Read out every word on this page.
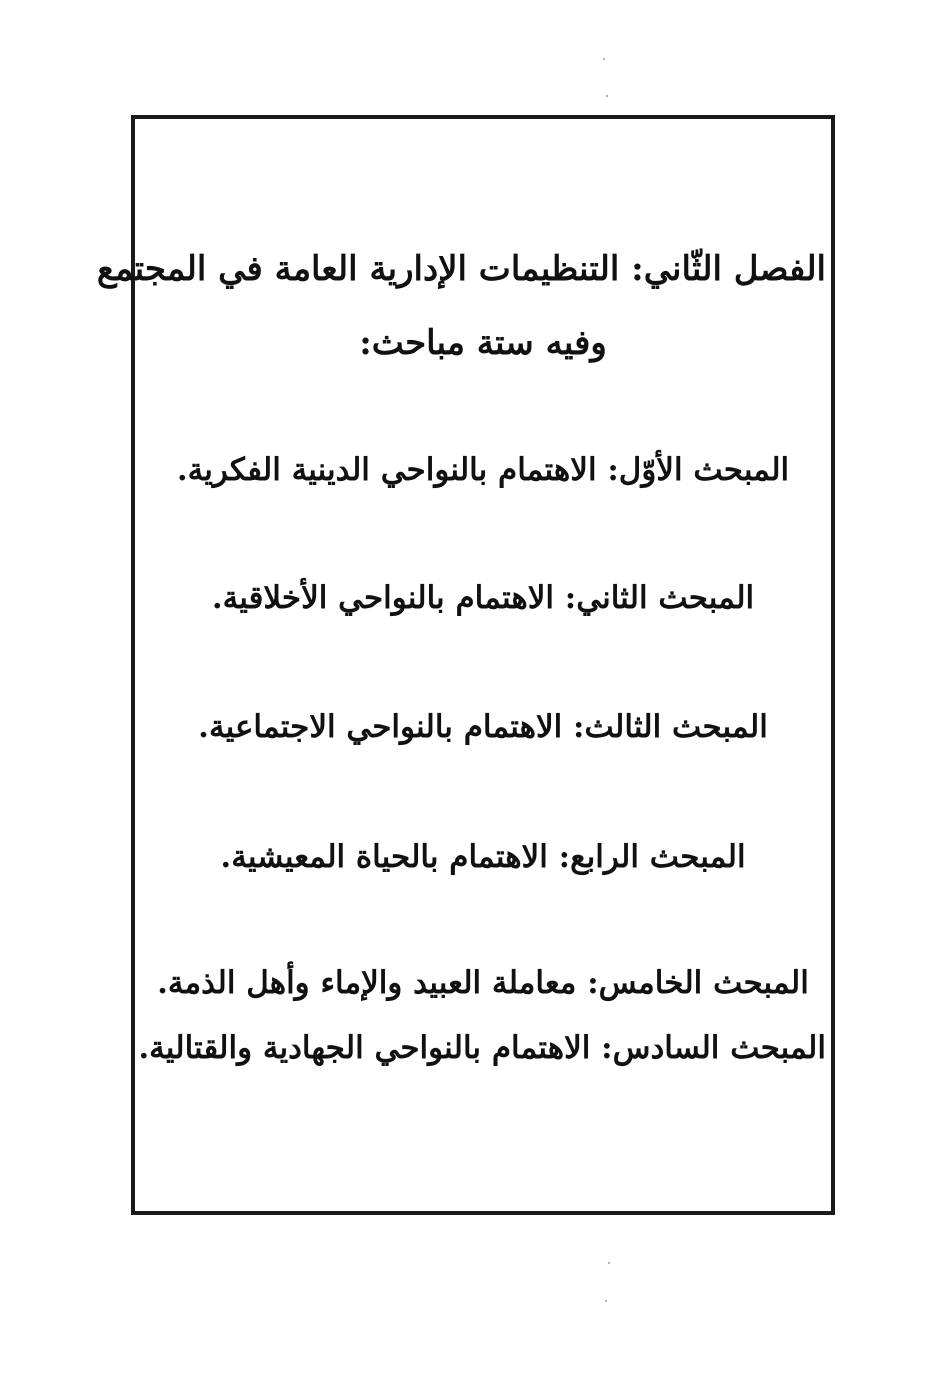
الفصل الثّاني: التنظيمات الإدارية العامة في المجتمع
وفيه ستة مباحث:
المبحث الأوّل: الاهتمام بالنواحي الدينية الفكرية.
المبحث الثاني: الاهتمام بالنواحي الأخلاقية.
المبحث الثالث: الاهتمام بالنواحي الاجتماعية.
المبحث الرابع: الاهتمام بالحياة المعيشية.
المبحث الخامس: معاملة العبيد والإماء وأهل الذمة.
المبحث السادس: الاهتمام بالنواحي الجهادية والقتالية.
